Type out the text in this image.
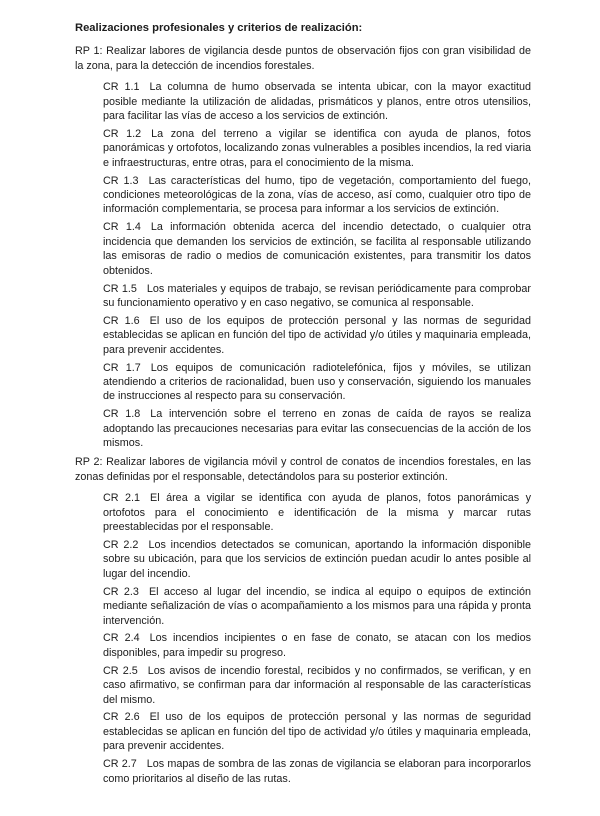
Realizaciones profesionales y criterios de realización:

RP 1: Realizar labores de vigilancia desde puntos de observación fijos con gran visibilidad de la zona, para la detección de incendios forestales.

CR 1.1 La columna de humo observada se intenta ubicar, con la mayor exactitud posible mediante la utilización de alidadas, prismáticos y planos, entre otros utensilios, para facilitar las vías de acceso a los servicios de extinción.

CR 1.2 La zona del terreno a vigilar se identifica con ayuda de planos, fotos panorámicas y ortofotos, localizando zonas vulnerables a posibles incendios, la red viaria e infraestructuras, entre otras, para el conocimiento de la misma.

CR 1.3 Las características del humo, tipo de vegetación, comportamiento del fuego, condiciones meteorológicas de la zona, vías de acceso, así como, cualquier otro tipo de información complementaria, se procesa para informar a los servicios de extinción.

CR 1.4 La información obtenida acerca del incendio detectado, o cualquier otra incidencia que demanden los servicios de extinción, se facilita al responsable utilizando las emisoras de radio o medios de comunicación existentes, para transmitir los datos obtenidos.

CR 1.5 Los materiales y equipos de trabajo, se revisan periódicamente para comprobar su funcionamiento operativo y en caso negativo, se comunica al responsable.

CR 1.6 El uso de los equipos de protección personal y las normas de seguridad establecidas se aplican en función del tipo de actividad y/o útiles y maquinaria empleada, para prevenir accidentes.

CR 1.7 Los equipos de comunicación radiotelefónica, fijos y móviles, se utilizan atendiendo a criterios de racionalidad, buen uso y conservación, siguiendo los manuales de instrucciones al respecto para su conservación.

CR 1.8 La intervención sobre el terreno en zonas de caída de rayos se realiza adoptando las precauciones necesarias para evitar las consecuencias de la acción de los mismos.

RP 2: Realizar labores de vigilancia móvil y control de conatos de incendios forestales, en las zonas definidas por el responsable, detectándolos para su posterior extinción.

CR 2.1 El área a vigilar se identifica con ayuda de planos, fotos panorámicas y ortofotos para el conocimiento e identificación de la misma y marcar rutas preestablecidas por el responsable.

CR 2.2 Los incendios detectados se comunican, aportando la información disponible sobre su ubicación, para que los servicios de extinción puedan acudir lo antes posible al lugar del incendio.

CR 2.3 El acceso al lugar del incendio, se indica al equipo o equipos de extinción mediante señalización de vías o acompañamiento a los mismos para una rápida y pronta intervención.

CR 2.4 Los incendios incipientes o en fase de conato, se atacan con los medios disponibles, para impedir su progreso.

CR 2.5 Los avisos de incendio forestal, recibidos y no confirmados, se verifican, y en caso afirmativo, se confirman para dar información al responsable de las características del mismo.

CR 2.6 El uso de los equipos de protección personal y las normas de seguridad establecidas se aplican en función del tipo de actividad y/o útiles y maquinaria empleada, para prevenir accidentes.

CR 2.7 Los mapas de sombra de las zonas de vigilancia se elaboran para incorporarlos como prioritarios al diseño de las rutas.
